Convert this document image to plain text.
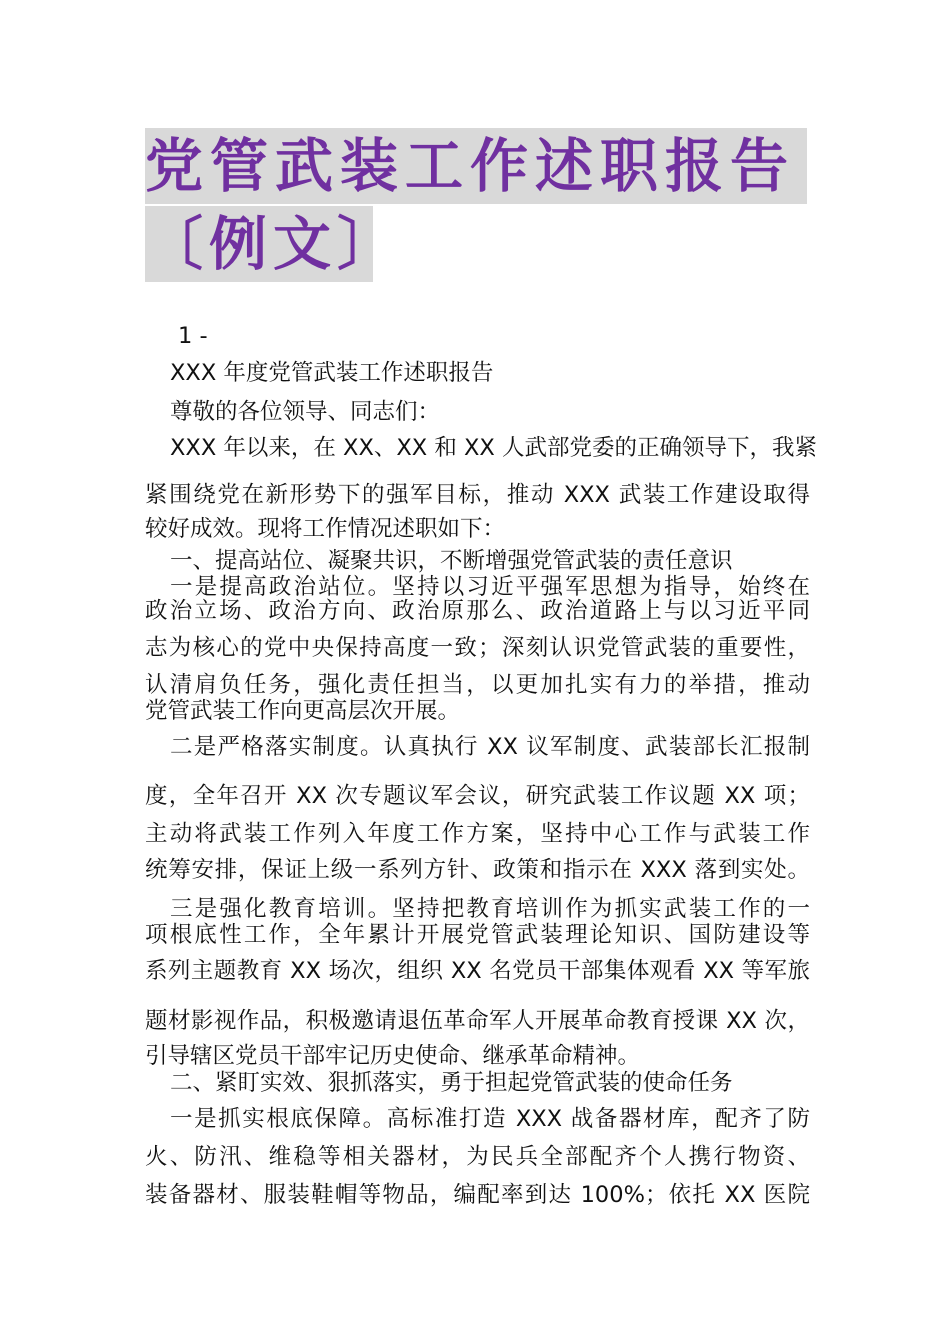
党管武装工作述职报告
〔例文〕
1 -
XXX 年度党管武装工作述职报告
尊敬的各位领导、同志们：
XXX 年以来，在 XX、XX 和 XX 人武部党委的正确领导下，我紧
紧围绕党在新形势下的强军目标，推动 XXX 武装工作建设取得
较好成效。现将工作情况述职如下：
一、提高站位、凝聚共识，不断增强党管武装的责任意识
一是提高政治站位。坚持以习近平强军思想为指导，始终在
政治立场、政治方向、政治原那么、政治道路上与以习近平同
志为核心的党中央保持高度一致；深刻认识党管武装的重要性，
认清肩负任务，强化责任担当，以更加扎实有力的举措，推动
党管武装工作向更高层次开展。
二是严格落实制度。认真执行 XX 议军制度、武装部长汇报制
度，全年召开 XX 次专题议军会议，研究武装工作议题 XX 项；
主动将武装工作列入年度工作方案，坚持中心工作与武装工作
统筹安排，保证上级一系列方针、政策和指示在 XXX 落到实处。
三是强化教育培训。坚持把教育培训作为抓实武装工作的一
项根底性工作，全年累计开展党管武装理论知识、国防建设等
系列主题教育 XX 场次，组织 XX 名党员干部集体观看 XX 等军旅
题材影视作品，积极邀请退伍革命军人开展革命教育授课 XX 次，
引导辖区党员干部牢记历史使命、继承革命精神。
二、紧盯实效、狠抓落实，勇于担起党管武装的使命任务
一是抓实根底保障。高标准打造 XXX 战备器材库，配齐了防
火、防汛、维稳等相关器材，为民兵全部配齐个人携行物资、
装备器材、服装鞋帽等物品，编配率到达 100%；依托 XX 医院
